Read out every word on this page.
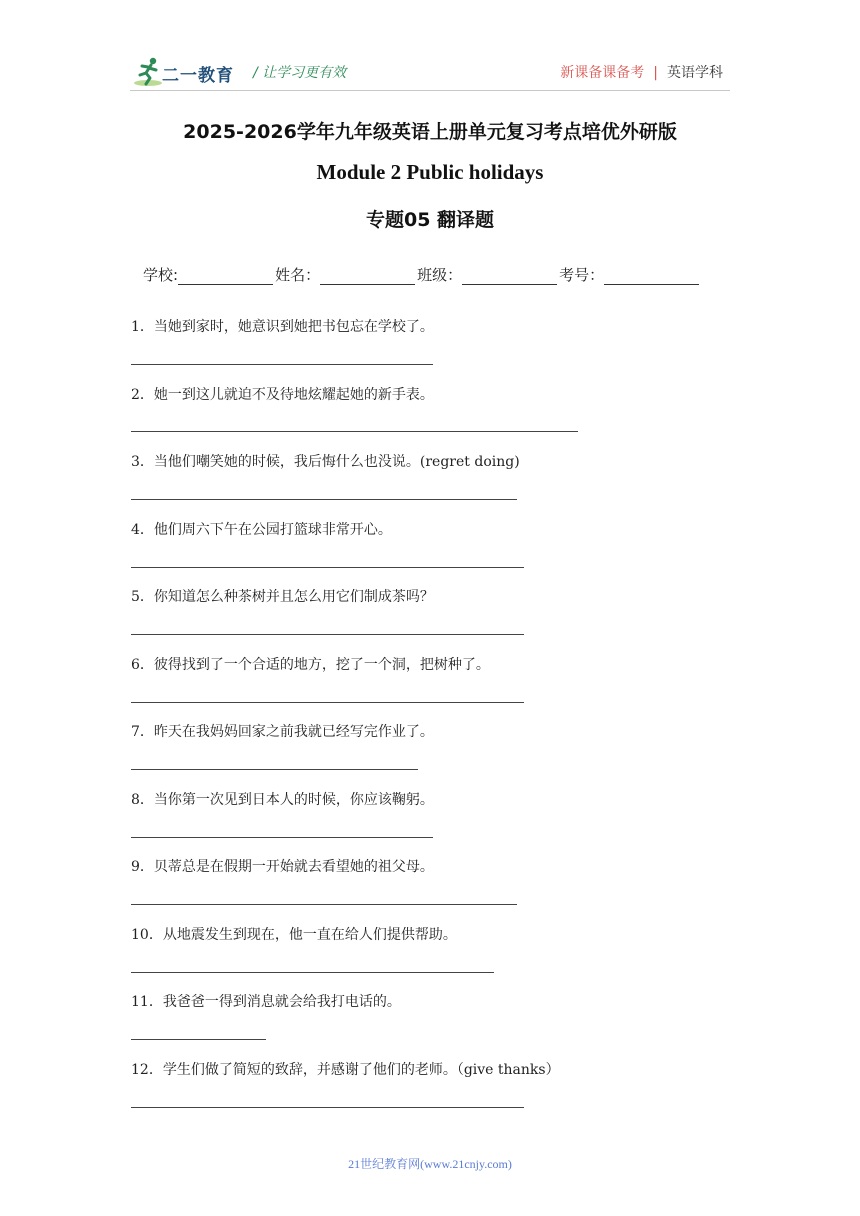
二一教育 / 让学习更有效	新课备课备考 | 英语学科
2025-2026学年九年级英语上册单元复习考点培优外研版
Module 2 Public holidays
专题05 翻译题
学校:	姓名：	班级：	考号：
1．当她到家时，她意识到她把书包忘在学校了。
2．她一到这儿就迫不及待地炫耀起她的新手表。
3．当他们嘲笑她的时候，我后悔什么也没说。(regret doing)
4．他们周六下午在公园打篮球非常开心。
5．你知道怎么种茶树并且怎么用它们制成茶吗？
6．彼得找到了一个合适的地方，挖了一个洞，把树种了。
7．昨天在我妈妈回家之前我就已经写完作业了。
8．当你第一次见到日本人的时候，你应该鞠躬。
9．贝蒂总是在假期一开始就去看望她的祖父母。
10．从地震发生到现在，他一直在给人们提供帮助。
11．我爸爸一得到消息就会给我打电话的。
12．学生们做了简短的致辞，并感谢了他们的老师。（give thanks）
21世纪教育网(www.21cnjy.com)
